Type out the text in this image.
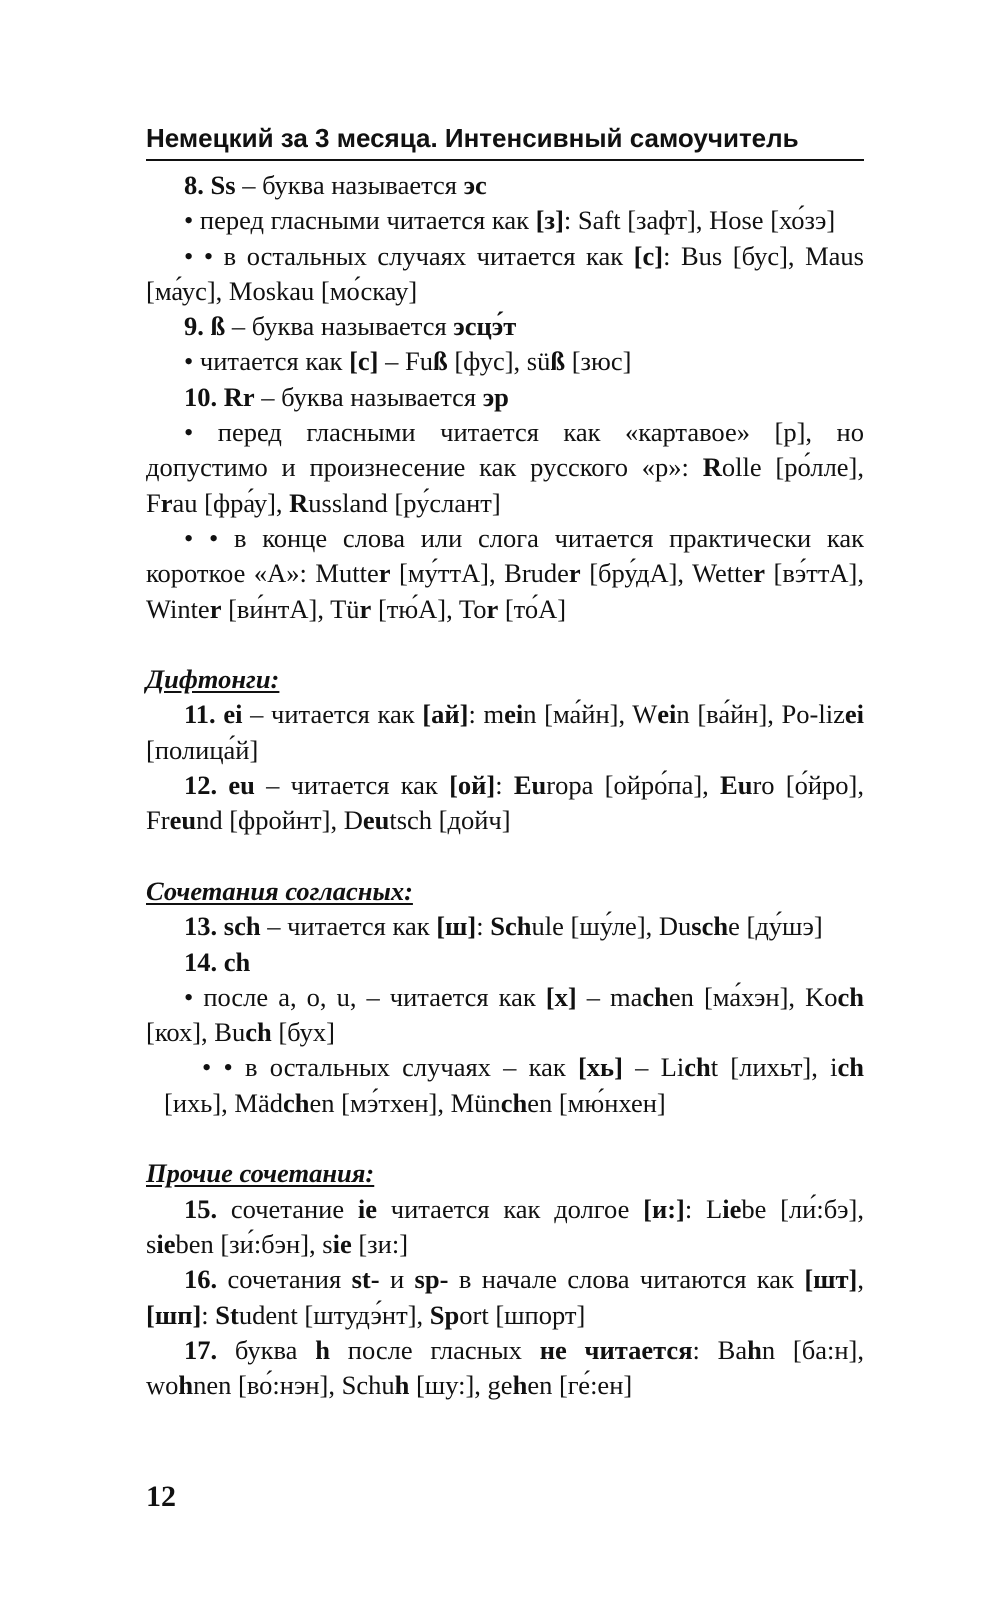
Немецкий за 3 месяца. Интенсивный самоучитель

8. Ss – буква называется эс

• перед гласными читается как [з]: Saft [зафт], Hose [хо́зэ]

• • в остальных случаях читается как [с]: Bus [бус], Maus [ма́ус], Moskau [мо́скау]

9. ß – буква называется эсцэ́т

• читается как [с] – Fuß [фус], süß [зюс]

10. Rr – буква называется эр

• перед гласными читается как «картавое» [р], но допустимо и произнесение как русского «р»: Rolle [ро́лле], Frau [фра́у], Russland [ру́слант]

• • в конце слова или слога читается практически как короткое «А»: Mutter [му́ттА], Bruder [бру́дА], Wetter [вэ́ттА], Winter [ви́нтА], Tür [тю́А], Tor [то́А]

Дифтонги:

11. ei – читается как [ай]: mein [ма́йн], Wein [ва́йн], Po-lizei [полица́й]

12. eu – читается как [ой]: Europa [ойро́па], Euro [о́йро], Freund [фройнт], Deutsch [дойч]

Сочетания согласных:

13. sch – читается как [ш]: Schule [шу́ле], Dusche [ду́шэ]

14. ch

• после a, o, u, – читается как [х] – machen [ма́хэн], Koch [кох], Buch [бух]

• • в остальных случаях – как [хь] – Licht [лихьт], ich [ихь], Mädchen [мэ́тхен], München [мю́нхен]

Прочие сочетания:

15. сочетание ie читается как долгое [и:]: Liebe [ли́:бэ], sieben [зи́:бэн], sie [зи:]

16. сочетания st- и sp- в начале слова читаются как [шт], [шп]: Student [штудэ́нт], Sport [шпорт]

17. буква h после гласных не читается: Bahn [ба:н], wohnen [во́:нэн], Schuh [шу:], gehen [ге́:ен]

12
